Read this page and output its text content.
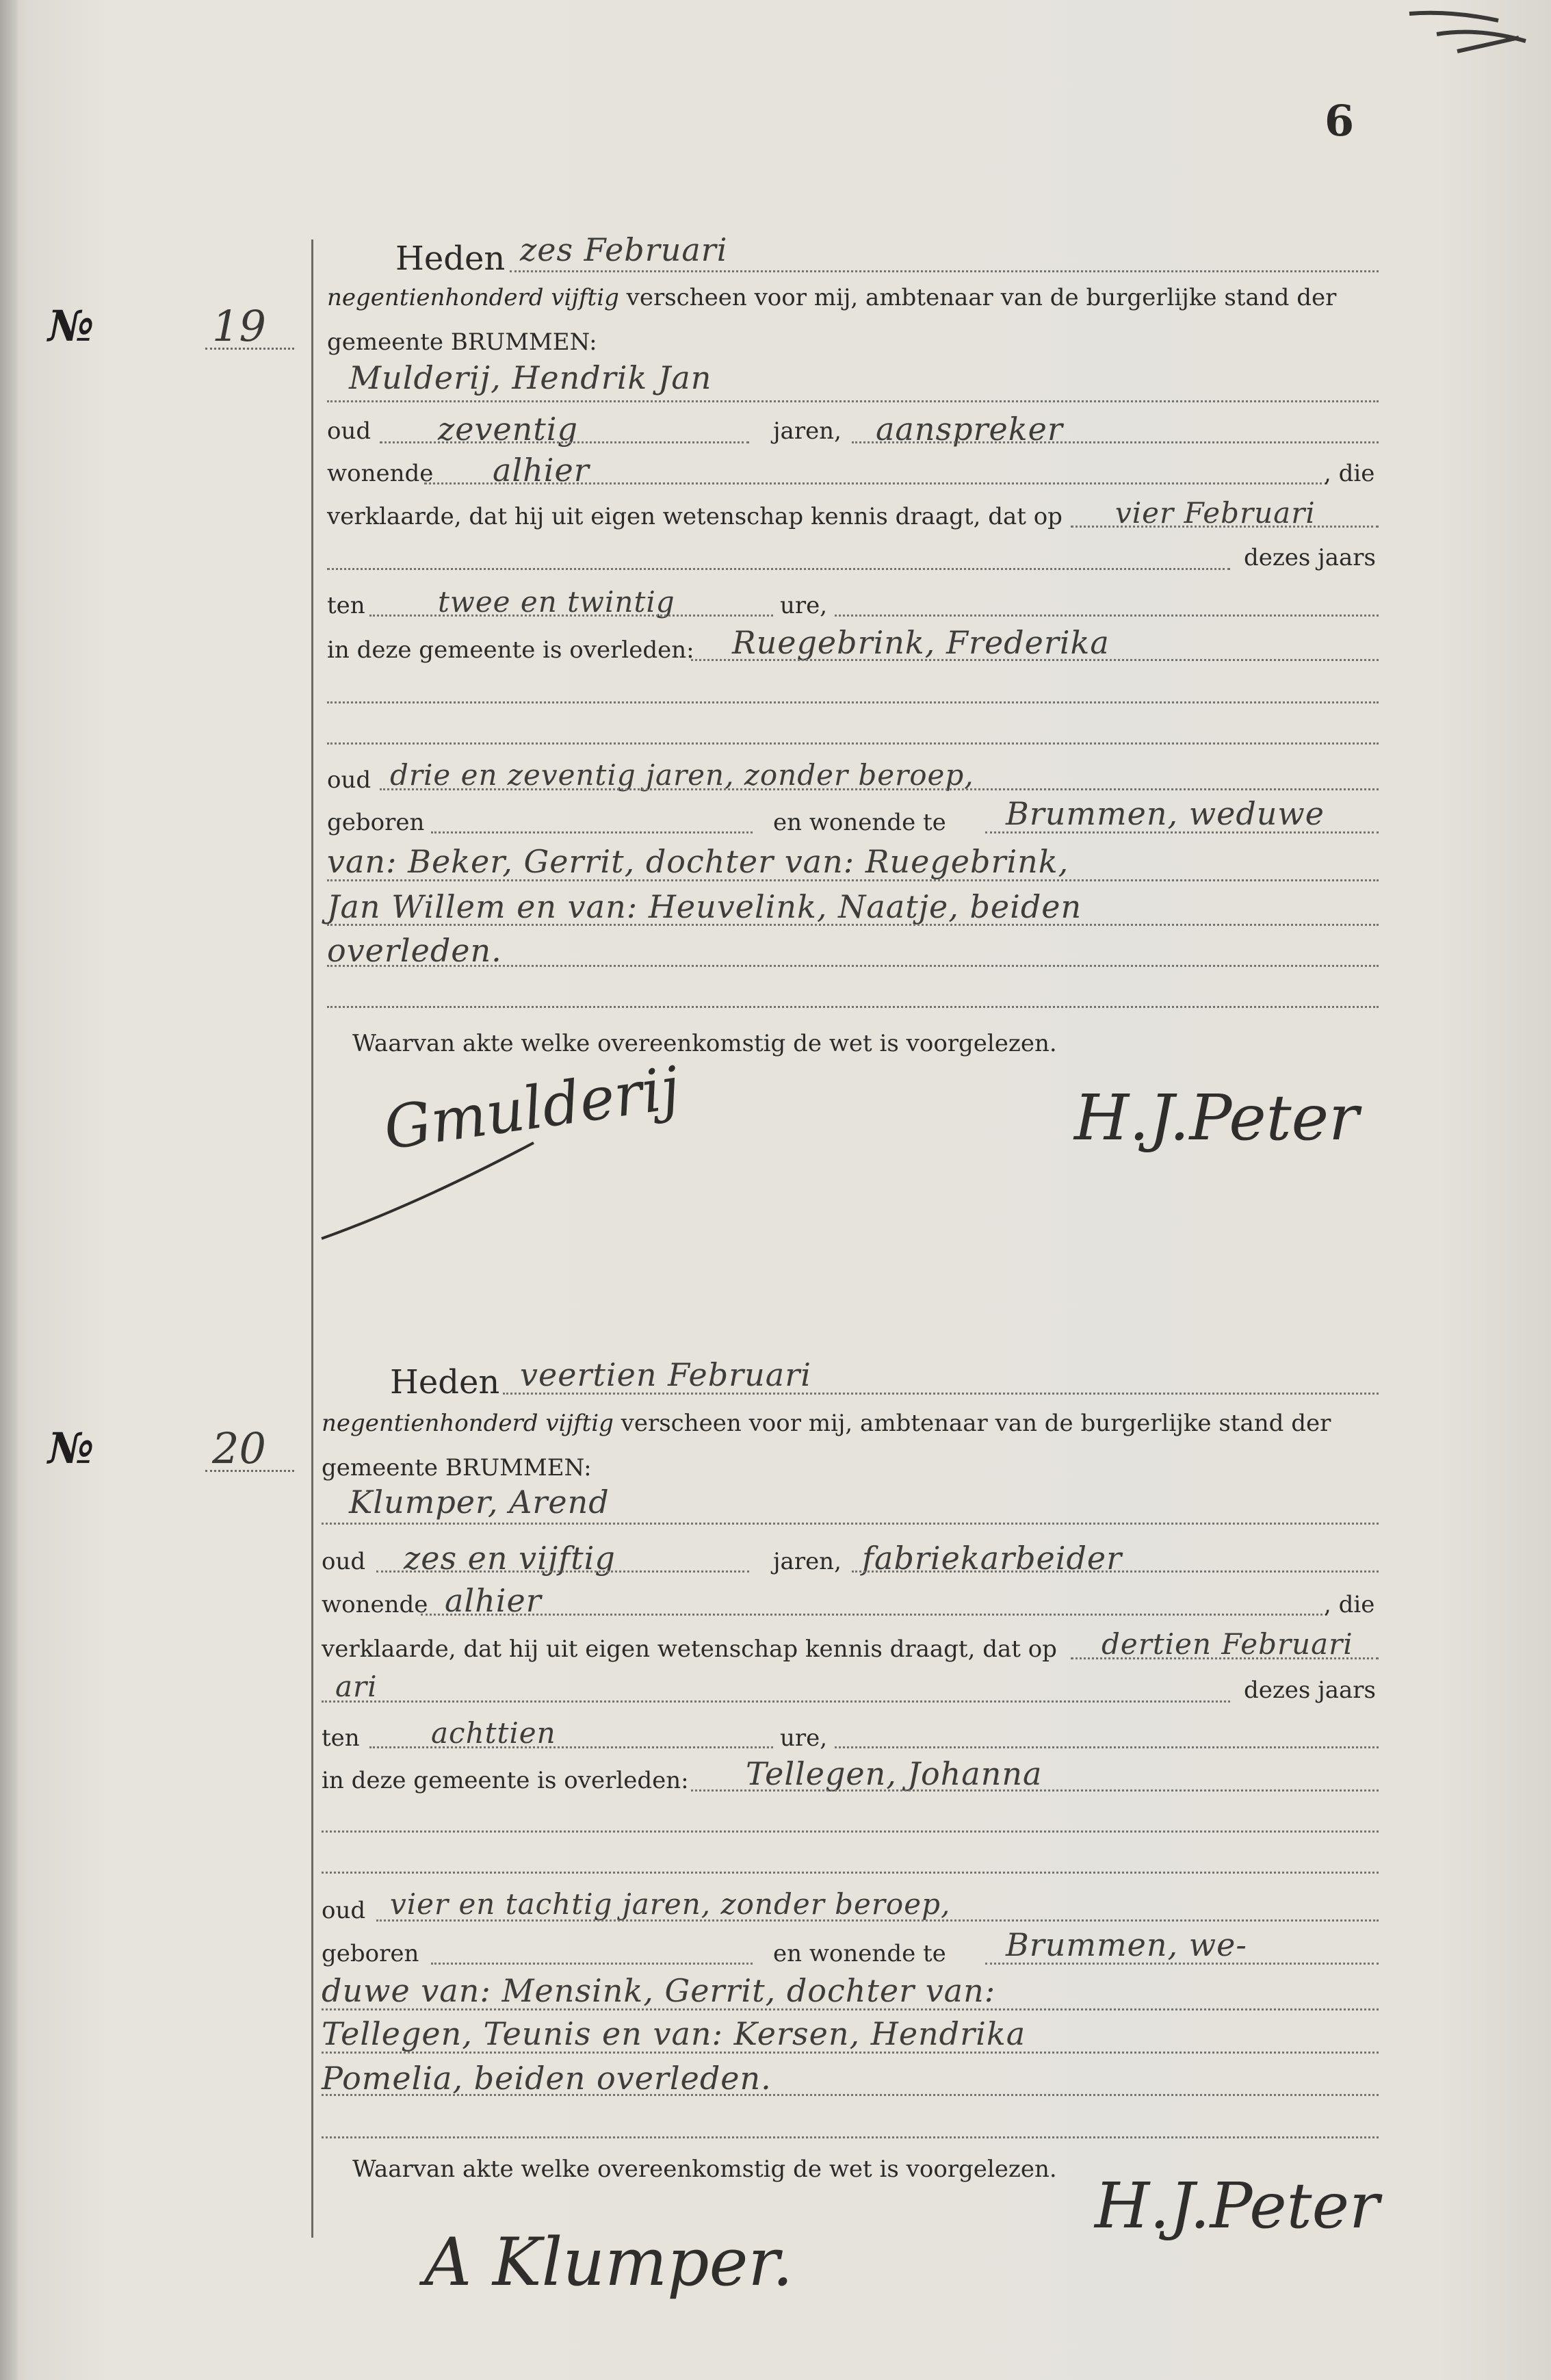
6
№	19
Heden zes Februari
negentienhonderd vijftig verscheen voor mij, ambtenaar van de burgerlijke stand der
gemeente BRUMMEN:
Mulderij, Hendrik Jan
oud zeventig	jaren, aanspreker
wonende alhier	, die
verklaarde, dat hij uit eigen wetenschap kennis draagt, dat op vier Februari
dezes jaars
ten	twee en twintig	ure,
in deze gemeente is overleden: Ruegebrink, Frederika
oud drie en zeventig jaren, zonder beroep,
geboren	en wonende te Brummen, weduwe
van: Beker, Gerrit, dochter van: Ruegebrink,
Jan Willem en van: Heuvelink, Naatje, beiden
overleden.
Waarvan akte welke overeenkomstig de wet is voorgelezen.
Gmulderij	H.J.Peter
№	20
Heden veertien Februari
negentienhonderd vijftig verscheen voor mij, ambtenaar van de burgerlijke stand der
gemeente BRUMMEN:
Klumper, Arend
oud zes en vijftig	jaren, fabriekarbeider
wonende alhier	, die
verklaarde, dat hij uit eigen wetenschap kennis draagt, dat op dertien Februari
ari	dezes jaars
ten achttien	ure,
in deze gemeente is overleden: Tellegen, Johanna
oud vier en tachtig jaren, zonder beroep,
geboren	en wonende te Brummen, we-
duwe van: Mensink, Gerrit, dochter van:
Tellegen, Teunis en van: Kersen, Hendrika
Pomelia, beiden overleden.
Waarvan akte welke overeenkomstig de wet is voorgelezen.
A Klumper.
H.J.Peter
